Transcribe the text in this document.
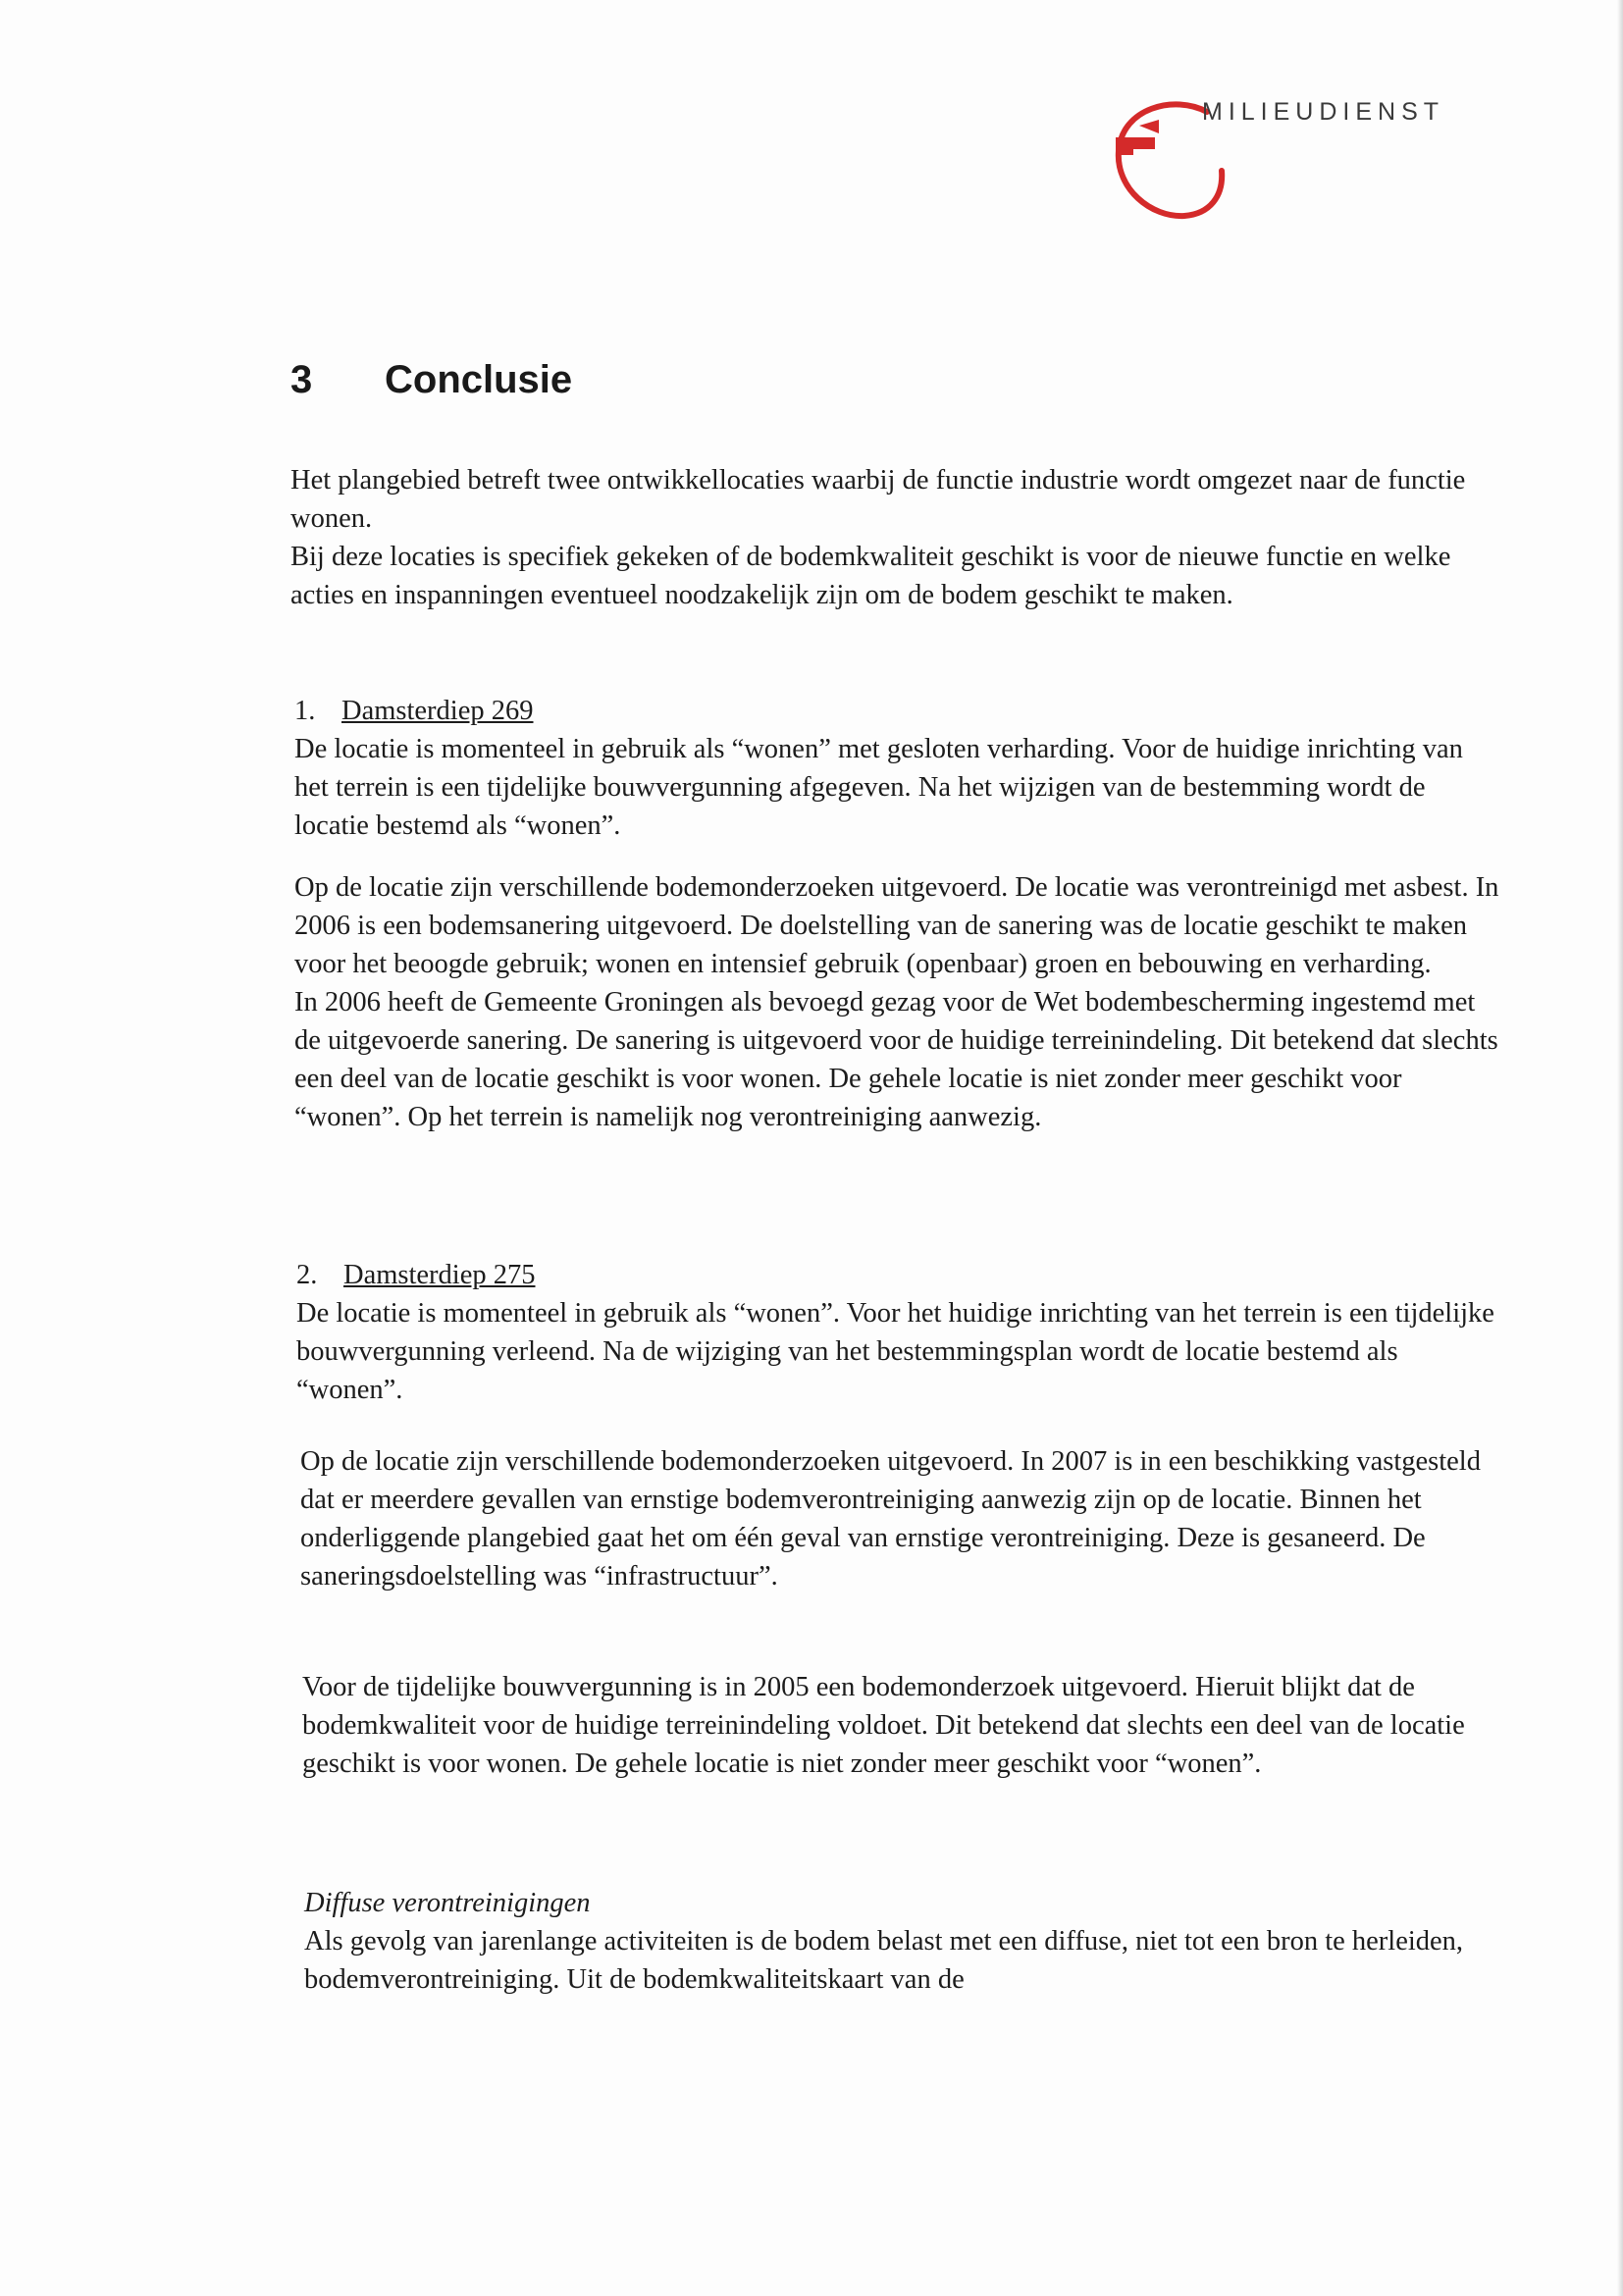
MILIEUDIENST
3 Conclusie

Het plangebied betreft twee ontwikkellocaties waarbij de functie industrie wordt omgezet naar de functie wonen.

Bij deze locaties is specifiek gekeken of de bodemkwaliteit geschikt is voor de nieuwe functie en welke acties en inspanningen eventueel noodzakelijk zijn om de bodem geschikt te maken.

1. Damsterdiep 269

De locatie is momenteel in gebruik als “wonen” met gesloten verharding. Voor de huidige inrichting van het terrein is een tijdelijke bouwvergunning afgegeven. Na het wijzigen van de bestemming wordt de locatie bestemd als “wonen”.

Op de locatie zijn verschillende bodemonderzoeken uitgevoerd. De locatie was verontreinigd met asbest. In 2006 is een bodemsanering uitgevoerd. De doelstelling van de sanering was de locatie geschikt te maken voor het beoogde gebruik; wonen en intensief gebruik (openbaar) groen en bebouwing en verharding.

In 2006 heeft de Gemeente Groningen als bevoegd gezag voor de Wet bodembescherming ingestemd met de uitgevoerde sanering. De sanering is uitgevoerd voor de huidige terreinindeling. Dit betekend dat slechts een deel van de locatie geschikt is voor wonen. De gehele locatie is niet zonder meer geschikt voor “wonen”. Op het terrein is namelijk nog verontreiniging aanwezig.

2. Damsterdiep 275

De locatie is momenteel in gebruik als “wonen”. Voor het huidige inrichting van het terrein is een tijdelijke bouwvergunning verleend. Na de wijziging van het bestemmingsplan wordt de locatie bestemd als “wonen”.

Op de locatie zijn verschillende bodemonderzoeken uitgevoerd. In 2007 is in een beschikking vastgesteld dat er meerdere gevallen van ernstige bodemverontreiniging aanwezig zijn op de locatie. Binnen het onderliggende plangebied gaat het om één geval van ernstige verontreiniging. Deze is gesaneerd. De saneringsdoelstelling was “infrastructuur”.

Voor de tijdelijke bouwvergunning is in 2005 een bodemonderzoek uitgevoerd. Hieruit blijkt dat de bodemkwaliteit voor de huidige terreinindeling voldoet. Dit betekend dat slechts een deel van de locatie geschikt is voor wonen. De gehele locatie is niet zonder meer geschikt voor “wonen”.

Diffuse verontreinigingen

Als gevolg van jarenlange activiteiten is de bodem belast met een diffuse, niet tot een bron te herleiden, bodemverontreiniging. Uit de bodemkwaliteitskaart van de
